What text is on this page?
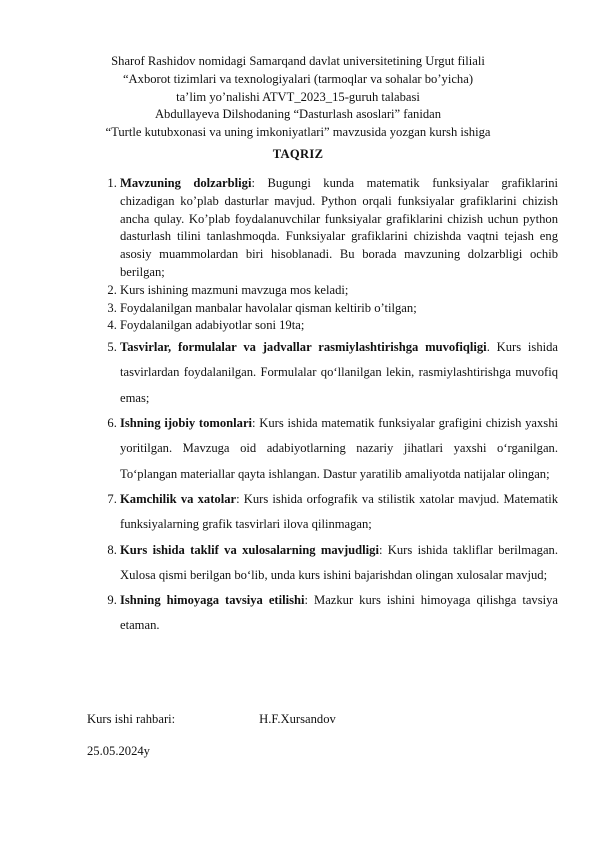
Sharof Rashidov nomidagi Samarqand davlat universitetining Urgut filiali
“Axborot tizimlari va texnologiyalari (tarmoqlar va sohalar bo’yicha)
ta’lim yo’nalishi ATVT_2023_15-guruh talabasi
Abdullayeva Dilshodaning “Dasturlash asoslari” fanidan
“Turtle kutubxonasi va uning imkoniyatlari” mavzusida yozgan kursh ishiga
TAQRIZ
1. Mavzuning dolzarbligi: Bugungi kunda matematik funksiyalar grafiklarini chizadigan ko’plab dasturlar mavjud. Python orqali funksiyalar grafiklarini chizish ancha qulay. Ko’plab foydalanuvchilar funksiyalar grafiklarini chizish uchun python dasturlash tilini tanlashmoqda. Funksiyalar grafiklarini chizishda vaqtni tejash eng asosiy muammolardan biri hisoblanadi. Bu borada mavzuning dolzarbligi ochib berilgan;
2. Kurs ishining mazmuni mavzuga mos keladi;
3. Foydalanilgan manbalar havolalar qisman keltirib o’tilgan;
4. Foydalanilgan adabiyotlar soni 19ta;
5. Tasvirlar, formulalar va jadvallar rasmiylashtirishga muvofiqligi. Kurs ishida tasvirlardan foydalanilgan. Formulalar qo‘llanilgan lekin, rasmiylashtirishga muvofiq emas;
6. Ishning ijobiy tomonlari: Kurs ishida matematik funksiyalar grafigini chizish yaxshi yoritilgan. Mavzuga oid adabiyotlarning nazariy jihatlari yaxshi o‘rganilgan. To‘plangan materiallar qayta ishlangan. Dastur yaratilib amaliyotda natijalar olingan;
7. Kamchilik va xatolar: Kurs ishida orfografik va stilistik xatolar mavjud. Matematik funksiyalarning grafik tasvirlari ilova qilinmagan;
8. Kurs ishida taklif va xulosalarning mavjudligi: Kurs ishida takliflar berilmagan. Xulosa qismi berilgan bo‘lib, unda kurs ishini bajarishdan olingan xulosalar mavjud;
9. Ishning himoyaga tavsiya etilishi: Mazkur kurs ishini himoyaga qilishga tavsiya etaman.
Kurs ishi rahbari:	H.F.Xursandov
25.05.2024y
